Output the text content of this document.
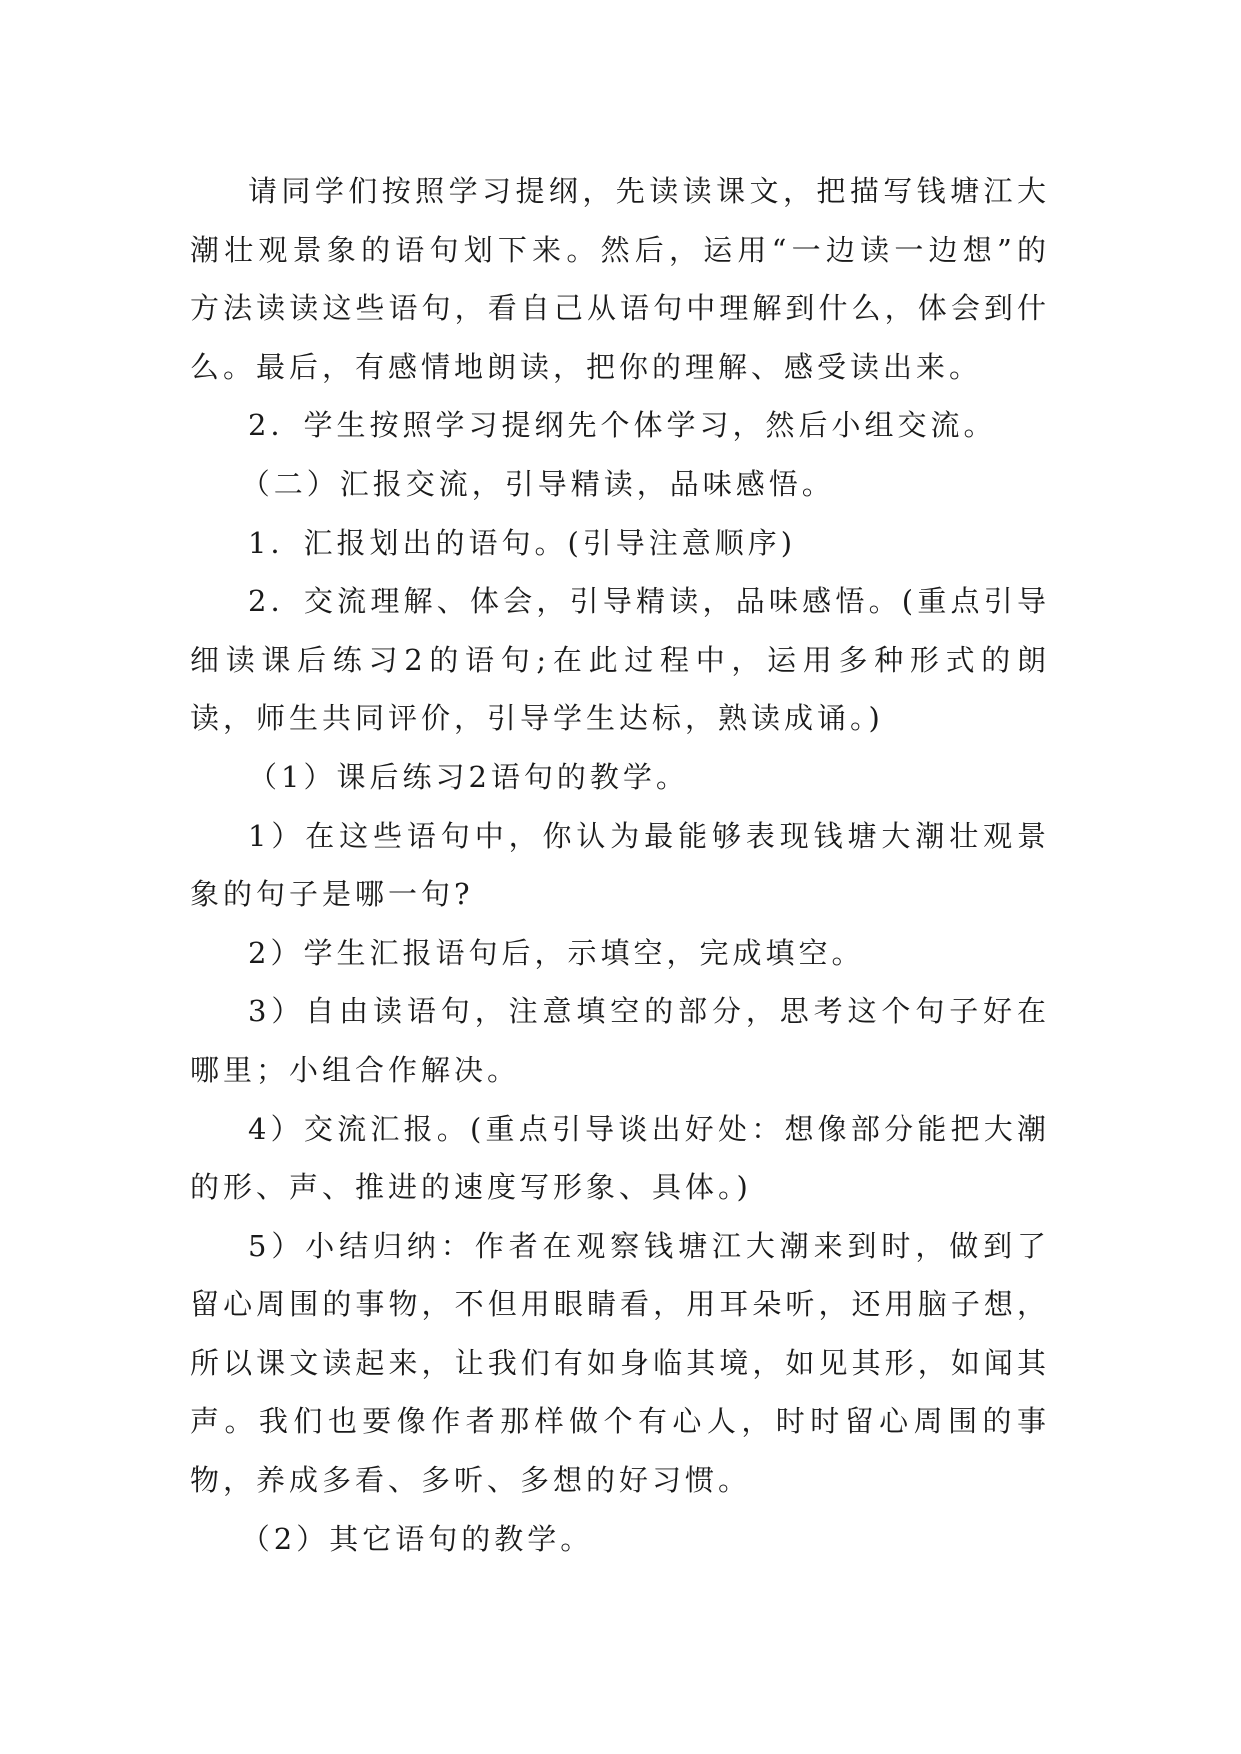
请同学们按照学习提纲，先读读课文，把描写钱塘江大潮壮观景象的语句划下来。然后，运用“一边读一边想”的方法读读这些语句，看自己从语句中理解到什么，体会到什么。最后，有感情地朗读，把你的理解、感受读出来。

2．学生按照学习提纲先个体学习，然后小组交流。

（二）汇报交流，引导精读，品味感悟。

1．汇报划出的语句。(引导注意顺序)

2．交流理解、体会，引导精读，品味感悟。(重点引导细读课后练习2的语句;在此过程中，运用多种形式的朗读，师生共同评价，引导学生达标，熟读成诵。)

（1）课后练习2语句的教学。

1）在这些语句中，你认为最能够表现钱塘大潮壮观景象的句子是哪一句?

2）学生汇报语句后，示填空，完成填空。

3）自由读语句，注意填空的部分，思考这个句子好在哪里；小组合作解决。

4）交流汇报。(重点引导谈出好处：想像部分能把大潮的形、声、推进的速度写形象、具体。)

5）小结归纳：作者在观察钱塘江大潮来到时，做到了留心周围的事物，不但用眼睛看，用耳朵听，还用脑子想，所以课文读起来，让我们有如身临其境，如见其形，如闻其声。我们也要像作者那样做个有心人，时时留心周围的事物，养成多看、多听、多想的好习惯。

（2）其它语句的教学。
